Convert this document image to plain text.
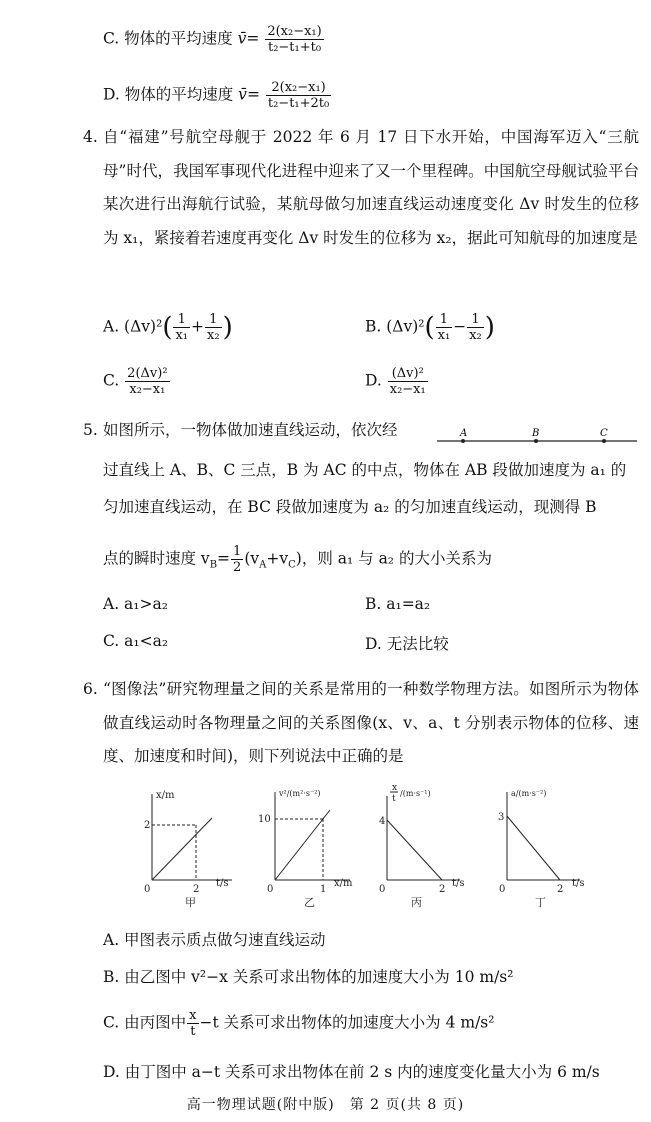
C. 物体的平均速度 v̄= $\frac{\text{2(x₂−x₁)}}{\text{t₂−t₁+t₀}}$
D. 物体的平均速度 v̄= $\frac{\text{2(x₂−x₁)}}{\text{t₂−t₁+2t₀}}$
4. 自“福建”号航空母舰于 2022 年 6 月 17 日下水开始，中国海军迈入“三航母”时代，我国军事现代化进程中迎来了又一个里程碑。中国航空母舰试验平台某次进行出海航行试验，某航母做匀加速直线运动速度变化 Δv 时发生的位移为 x₁，紧接着若速度再变化 Δv 时发生的位移为 x₂，据此可知航母的加速度是
A. $(\Delta v)^2( \frac{1}{\text{x₁}} + \frac{1}{\text{x₂}}$ )	B. $(\Delta v)^2( \frac{1}{\text{x₁}} - \frac{1}{\text{x₂}}$ )
C. $\frac{\text{2(Δv)²}}{\text{x₂−x₁}}$	D. $\frac{\text{(Δv)²}}{\text{x₂−x₁}}$
5. 如图所示，一物体做加速直线运动，依次经	A	B	C
过直线上 A、B、C 三点，B 为 AC 的中点，物体在 AB 段做加速度为 a₁ 的
匀加速直线运动，在 BC 段做加速度为 a₂ 的匀加速直线运动，现测得 B
点的瞬时速度 $v_B= \frac{1}{2} (v_A+v_C)$，则 a₁ 与 a₂ 的大小关系为
A. a₁>a₂	B. a₁=a₂
C. a₁<a₂	D. 无法比较
6. “图像法”研究物理量之间的关系是常用的一种数学物理方法。如图所示为物体做直线运动时各物理量之间的关系图像(x、v、a、t 分别表示物体的位移、速度、加速度和时间)，则下列说法中正确的是
x/m
t/s
2
2
0
甲
v²/(m²·s⁻²)
x/m
10
1
0
乙
x
t
/(m·s⁻¹)
t/s
4
2
0
丙
a/(m·s⁻²)
t/s
3
2
0
丁
A. 甲图表示质点做匀速直线运动
B. 由乙图中 v²−x 关系可求出物体的加速度大小为 10 m/s²
C. 由丙图中 $\frac{x}{t} -t$ 关系可求出物体的加速度大小为 4 m/s²
D. 由丁图中 a−t 关系可求出物体在前 2 s 内的速度变化量大小为 6 m/s
高一物理试题(附中版)　第 2 页(共 8 页)
